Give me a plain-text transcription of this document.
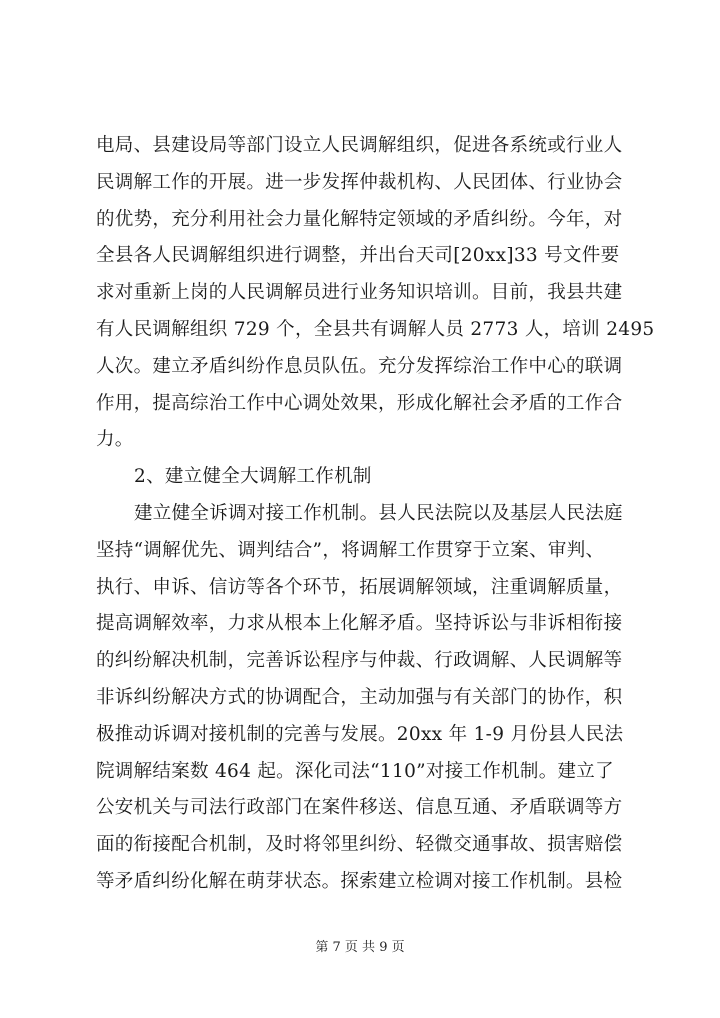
电局、县建设局等部门设立人民调解组织，促进各系统或行业人
民调解工作的开展。进一步发挥仲裁机构、人民团体、行业协会
的优势，充分利用社会力量化解特定领域的矛盾纠纷。今年，对
全县各人民调解组织进行调整，并出台天司[20xx]33 号文件要
求对重新上岗的人民调解员进行业务知识培训。目前，我县共建
有人民调解组织 729 个，全县共有调解人员 2773 人，培训 2495
人次。建立矛盾纠纷作息员队伍。充分发挥综治工作中心的联调
作用，提高综治工作中心调处效果，形成化解社会矛盾的工作合
力。
2、建立健全大调解工作机制
建立健全诉调对接工作机制。县人民法院以及基层人民法庭
坚持“调解优先、调判结合”，将调解工作贯穿于立案、审判、
执行、申诉、信访等各个环节，拓展调解领域，注重调解质量，
提高调解效率，力求从根本上化解矛盾。坚持诉讼与非诉相衔接
的纠纷解决机制，完善诉讼程序与仲裁、行政调解、人民调解等
非诉纠纷解决方式的协调配合，主动加强与有关部门的协作，积
极推动诉调对接机制的完善与发展。20xx 年 1-9 月份县人民法
院调解结案数 464 起。深化司法“110”对接工作机制。建立了
公安机关与司法行政部门在案件移送、信息互通、矛盾联调等方
面的衔接配合机制，及时将邻里纠纷、轻微交通事故、损害赔偿
等矛盾纠纷化解在萌芽状态。探索建立检调对接工作机制。县检
第 7 页 共 9 页
